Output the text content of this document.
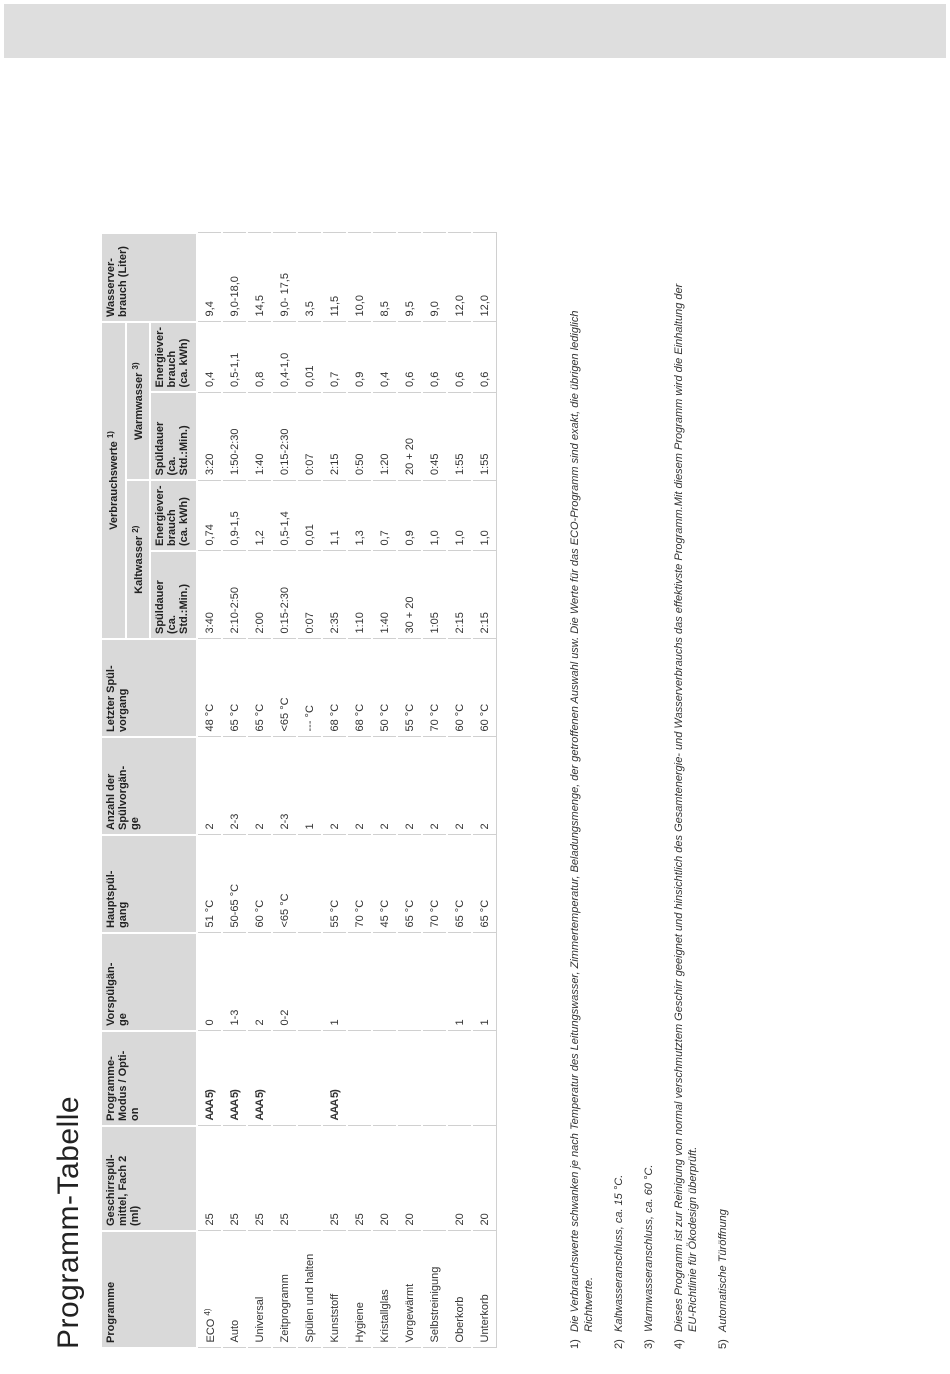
Programm-Tabelle Programme	Geschirrspül-
mittel, Fach 2
(ml)	Programme-
Modus / Opti-
on	Vorspülgän-
ge	Hauptspül-
gang	Anzahl der
Spülvorgän-
ge	Letzter Spül-
vorgang	Verbrauchswerte $^{1)}$				Wasserver-
brauch (Liter)
							Kaltwasser $^{2)}$		Warmwasser $^{3)}$
							Spüldauer
(ca.
Std.:Min.)	Energiever-
brauch
(ca. kWh)	Spüldauer
(ca.
Std.:Min.)	Energiever-
brauch
(ca. kWh)	
ECO $^{4)}$	25	AAA 5)	0	51 °C	2	48 °C	3:40	0,74	3:20	0,4	9,4
Auto	25	AAA 5)	1-3	50-65 °C	2-3	65 °C	2:10-2:50	0,9-1,5	1:50-2:30	0,5-1,1	9,0-18,0
Universal	25	AAA 5)	2	60 °C	2	65 °C	2:00	1,2	1:40	0,8	14,5
Zeitprogramm	25		0-2	<65 °C	2-3	<65 °C	0:15-2:30	0,5-1,4	0:15-2:30	0,4-1,0	9,0- 17,5
Spülen und halten					1	--- °C	0:07	0,01	0:07	0,01	3,5
Kunststoff	25	AAA 5)	1	55 °C	2	68 °C	2:35	1,1	2:15	0,7	11,5
Hygiene	25			70 °C	2	68 °C	1:10	1,3	0:50	0,9	10,0
Kristallglas	20			45 °C	2	50 °C	1:40	0,7	1:20	0,4	8,5
Vorgewärmt	20			65 °C	2	55 °C	30 + 20	0,9	20 + 20	0,6	9,5
Selbstreinigung				70 °C	2	70 °C	1:05	1,0	0:45	0,6	9,0
Oberkorb	20		1	65 °C	2	60 °C	2:15	1,0	1:55	0,6	12,0
Unterkorb	20		1	65 °C	2	60 °C	2:15	1,0	1:55	0,6	12,0
1)
Die Verbrauchswerte schwanken je nach Temperatur des Leitungswasser, Zimmertemperatur, Beladungsmenge, der getroffenen Auswahl usw. Die Werte für das ECO-Programm sind exakt, die übrigen lediglich Richtwerte.
2)
Kaltwasseranschluss, ca. 15 °C.
3)
Warmwasseranschluss, ca. 60 °C.
4)
Dieses Programm ist zur Reinigung von normal verschmutztem Geschirr geeignet und hinsichtlich des Gesamtenergie- und Wasserverbrauchs das effektivste Programm.Mit diesem Programm wird die Einhaltung der EU-Richtlinie für Ökodesign überprüft.
5)
Automatische Türöffnung
